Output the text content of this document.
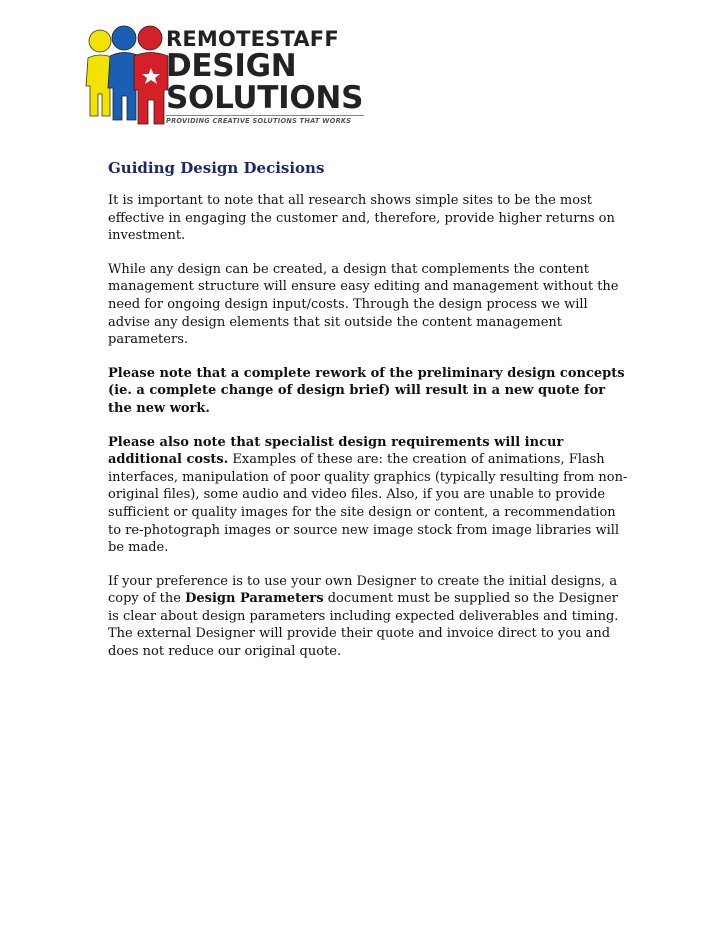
REMOTESTAFF
DESIGN
SOLUTIONS
PROVIDING CREATIVE SOLUTIONS THAT WORKS
Guiding Design Decisions

It is important to note that all research shows simple sites to be the most effective in engaging the customer and, therefore, provide higher returns on investment.

While any design can be created, a design that complements the content management structure will ensure easy editing and management without the need for ongoing design input/costs. Through the design process we will advise any design elements that sit outside the content management parameters.

Please note that a complete rework of the preliminary design concepts (ie. a complete change of design brief) will result in a new quote for the new work.

Please also note that specialist design requirements will incur additional costs. Examples of these are: the creation of animations, Flash interfaces, manipulation of poor quality graphics (typically resulting from non-original files), some audio and video files. Also, if you are unable to provide sufficient or quality images for the site design or content, a recommendation to re-photograph images or source new image stock from image libraries will be made.

If your preference is to use your own Designer to create the initial designs, a copy of the Design Parameters document must be supplied so the Designer is clear about design parameters including expected deliverables and timing. The external Designer will provide their quote and invoice direct to you and does not reduce our original quote.
